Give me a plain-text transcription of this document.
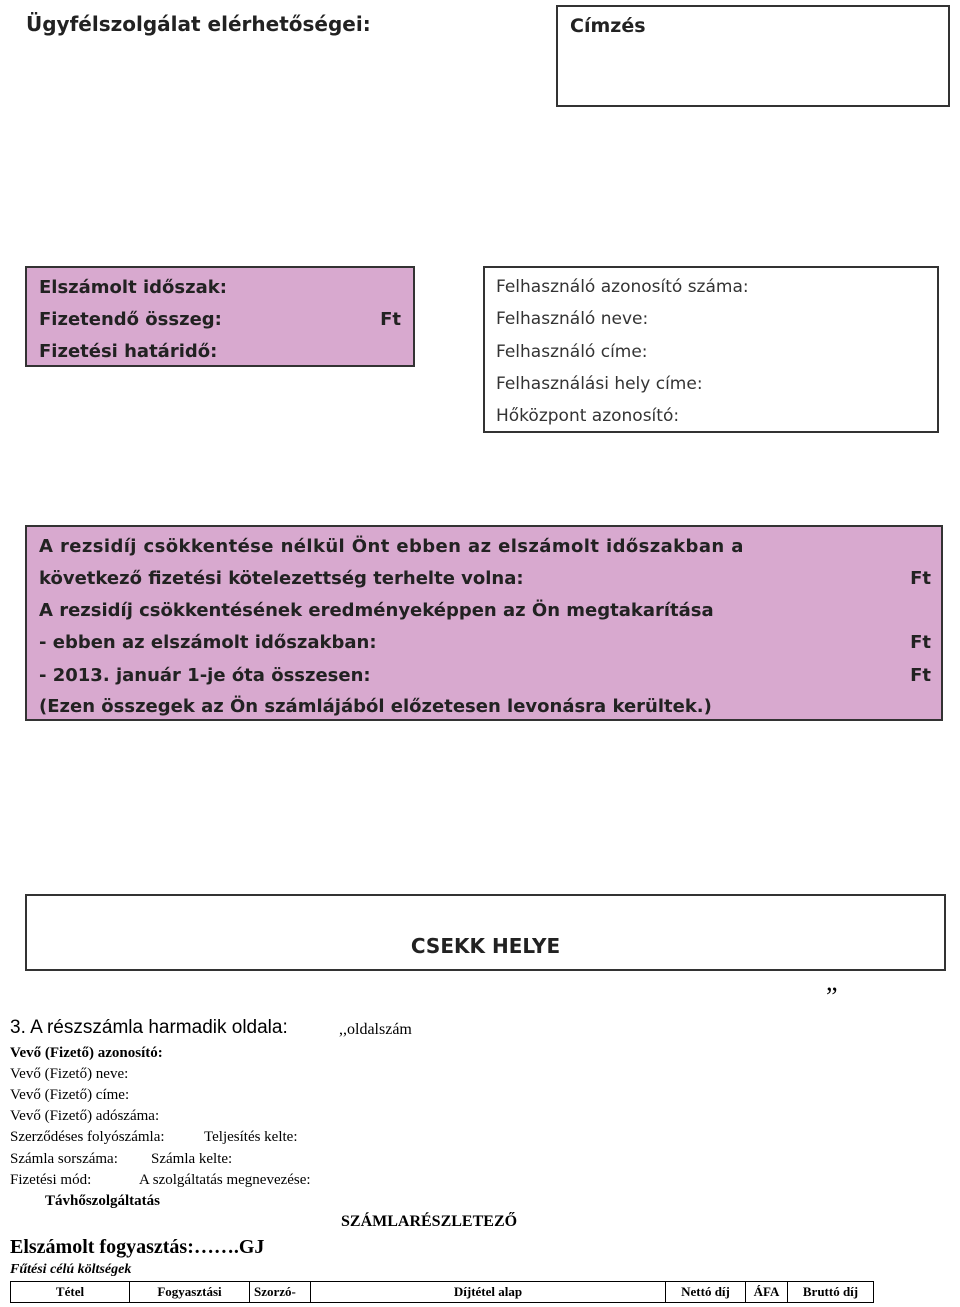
Ügyfélszolgálat elérhetőségei:	Címzés
Elszámolt időszak:
Fizetendő összeg:	Ft
Fizetési határidő:
Felhasználó azonosító száma:
Felhasználó neve:
Felhasználó címe:
Felhasználási hely címe:
Hőközpont azonosító:
A rezsidíj csökkentése nélkül Önt ebben az elszámolt időszakban a
következő fizetési kötelezettség terhelte volna:	Ft
A rezsidíj csökkentésének eredményeképpen az Ön megtakarítása
- ebben az elszámolt időszakban:	Ft
- 2013. január 1-je óta összesen:	Ft
(Ezen összegek az Ön számlájából előzetesen levonásra kerültek.)
CSEKK HELYE
”
3. A részszámla harmadik oldala:	,,oldalszám
Vevő (Fizető) azonosító:
Vevő (Fizető) neve:
Vevő (Fizető) címe:
Vevő (Fizető) adószáma:
Szerződéses folyószámla:	Teljesítés kelte:
Számla sorszáma: Számla kelte:
Fizetési mód:	A szolgáltatás megnevezése:
Távhőszolgáltatás
SZÁMLARÉSZLETEZŐ
Elszámolt fogyasztás:…….GJ
Fűtési célú költségek
Tétel	Fogyasztási	Szorzó-	Díjtétel alap	Nettó díj	ÁFA	Bruttó díj
